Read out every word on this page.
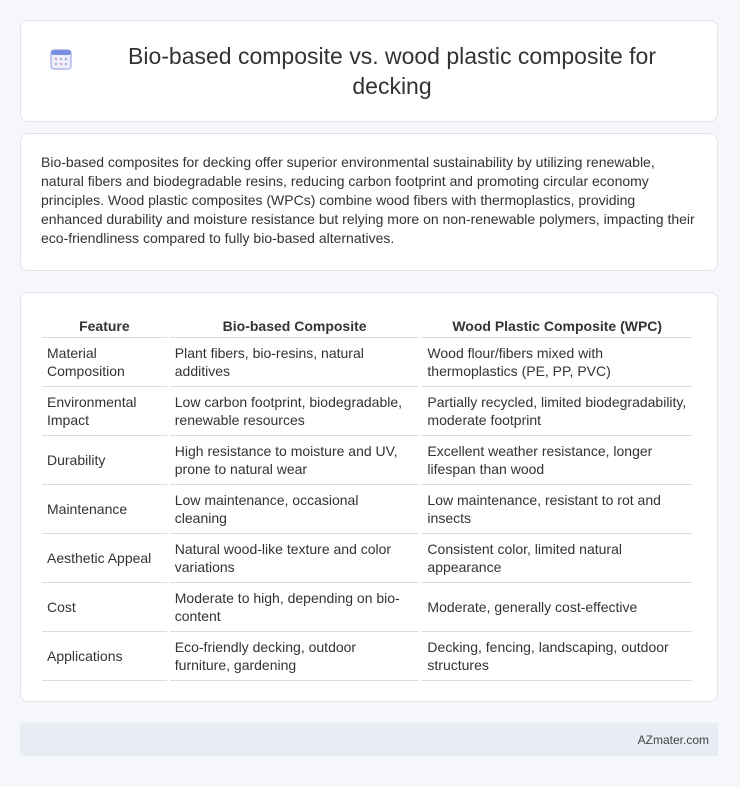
Bio-based composite vs. wood plastic composite for decking

Bio-based composites for decking offer superior environmental sustainability by utilizing renewable, natural fibers and biodegradable resins, reducing carbon footprint and promoting circular economy principles. Wood plastic composites (WPCs) combine wood fibers with thermoplastics, providing enhanced durability and moisture resistance but relying more on non-renewable polymers, impacting their eco-friendliness compared to fully bio-based alternatives.

Feature	Bio-based Composite	Wood Plastic Composite (WPC)
Material Composition	Plant fibers, bio-resins, natural additives	Wood flour/fibers mixed with thermoplastics (PE, PP, PVC)
Environmental Impact	Low carbon footprint, biodegradable, renewable resources	Partially recycled, limited biodegradability, moderate footprint
Durability	High resistance to moisture and UV, prone to natural wear	Excellent weather resistance, longer lifespan than wood
Maintenance	Low maintenance, occasional cleaning	Low maintenance, resistant to rot and insects
Aesthetic Appeal	Natural wood-like texture and color variations	Consistent color, limited natural appearance
Cost	Moderate to high, depending on bio-content	Moderate, generally cost-effective
Applications	Eco-friendly decking, outdoor furniture, gardening	Decking, fencing, landscaping, outdoor structures
AZmater.com
